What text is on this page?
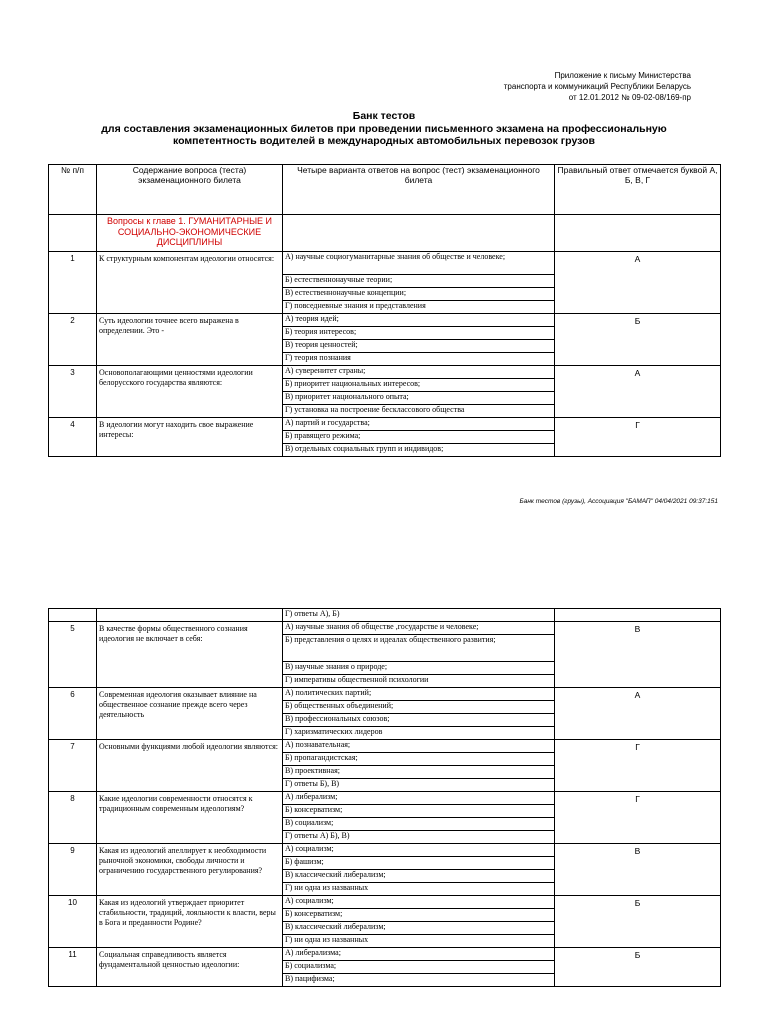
Приложение к письму Министерства
транспорта и коммуникаций Республики Беларусь
от 12.01.2012 № 09-02-08/169-пр
Банк тестов
для составления экзаменационных билетов при проведении письменного экзамена на профессиональную
компетентность водителей в международных автомобильных перевозок грузов
№ п/п	Содержание вопроса (теста) экзаменационного билета	Четыре варианта ответов на вопрос (тест) экзаменационного билета	Правильный ответ отмечается буквой А, Б, В, Г

	Вопросы к главе 1. ГУМАНИТАРНЫЕ И СОЦИАЛЬНО-ЭКОНОМИЧЕСКИЕ ДИСЦИПЛИНЫ		

1	К структурным компонентам идеологии относятся:	А) научные социогуманитарные знания об обществе и человеке;	А
		Б) естественнонаучные теории;	
		В) естественнонаучные концепции;	
		Г) повседневные знания и представления	
2	Суть идеологии точнее всего выражена в определении. Это -	А) теория идей;	Б
		Б) теория интересов;	
		В) теория ценностей;	
		Г) теория познания	
3	Основополагающими ценностями идеологии белорусского государства являются:	А) суверенитет страны;	А
		Б) приоритет национальных интересов;	
		В) приоритет национального опыта;	
		Г) установка на построение бесклассового общества	
4	В идеологии могут находить свое выражение интересы:	А) партий и государства;	Г
		Б) правящего режима;	
		В) отдельных социальных групп и индивидов;	
Банк тестов (грузы), Ассоциация "БАМАП" 04/04/2021 09:37:151
		Г) ответы А), Б)	
5	В качестве формы общественного сознания идеология не включает в себя:	А) научные знания об обществе ,государстве и человеке;	В
		Б) представления о целях и идеалах общественного развития;	
		В) научные знания о природе;	
		Г) императивы общественной психологии	
6	Современная идеология оказывает влияние на общественное сознание прежде всего через деятельность	А) политических партий;	А
		Б) общественных объединений;	
		В) профессиональных союзов;	
		Г) харизматических лидеров	
7	Основными функциями любой идеологии являются:	А) познавательная;	Г
		Б) пропагандистская;	
		В) проективная;	
		Г) ответы Б), В)	
8	Какие идеологии современности относятся к традиционным современным идеологиям?	А) либерализм;	Г
		Б) консерватизм;	
		В) социализм;	
		Г) ответы А) Б), В)	
9	Какая из идеологий апеллирует к необходимости рыночной экономики, свободы личности и ограничению государственного регулирования?	А) социализм;	В
		Б) фашизм;	
		В) классический либерализм;	
		Г) ни одна из названных	
10	Какая из идеологий утверждает приоритет стабильности, традиций, лояльности к власти, веры в Бога и преданности Родине?	А) социализм;	Б
		Б) консерватизм;	
		В) классический либерализм;	
		Г) ни одна из названных	
11	Социальная справедливость является фундаментальной ценностью идеологии:	А) либерализма;	Б
		Б) социализма;	
		В) пацифизма;	
